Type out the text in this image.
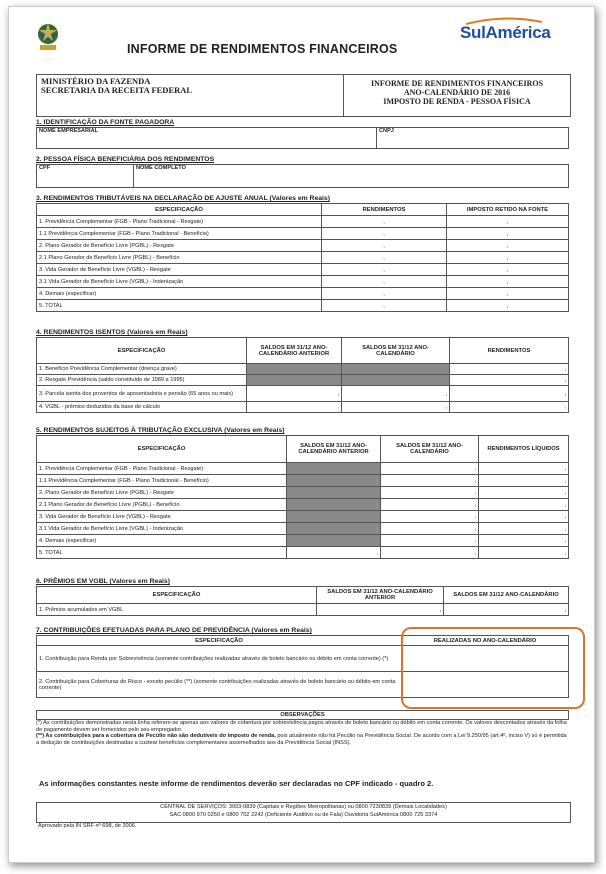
INFORME DE RENDIMENTOS FINANCEIROS
SulAmérica
MINISTÉRIO DA FAZENDA
SECRETARIA DA RECEITA FEDERAL
INFORME DE RENDIMENTOS FINANCEIROS
ANO-CALENDÁRIO DE 2016
IMPOSTO DE RENDA - PESSOA FÍSICA
1. IDENTIFICAÇÃO DA FONTE PAGADORA
NOME EMPRESARIAL	CNPJ
2. PESSOA FÍSICA BENEFICIÁRIA DOS RENDIMENTOS
CPF	NOME COMPLETO
3. RENDIMENTOS TRIBUTÁVEIS NA DECLARAÇÃO DE AJUSTE ANUAL (Valores em Reais)
ESPECIFICAÇÃO	RENDIMENTOS	IMPOSTO RETIDO NA FONTE
1. Previdência Complementar (FGB - Plano Tradicional - Resgate)	,	,
1.1 Previdência Complementar (FGB - Plano Tradicional - Benefício)	,	,
2. Plano Gerador de Benefício Livre (PGBL) - Resgate	,	,
2.1 Plano Gerador de Benefício Livre (PGBL) - Benefício	,	,
3. Vida Gerador de Benefício Livre (VGBL) - Resgate	,	,
3.1 Vida Gerador de Benefício Livre (VGBL) - Indenização	,	,
4. Demais (especificar)	,	,
5. TOTAL	,	,
4. RENDIMENTOS ISENTOS (Valores em Reais)
ESPECIFICAÇÃO	SALDOS EM 31/12 ANO-CALENDÁRIO ANTERIOR	SALDOS EM 31/12 ANO-CALENDÁRIO	RENDIMENTOS
1. Benefício Previdência Complementar (doença grave)			,
2. Resgate Previdência (saldo constituído de 1989 a 1995)			,
3. Parcela isenta dos proventos de aposentadoria e pensão (65 anos ou mais)	,	,	,
4. VGBL - prêmios deduzidos da base de cálculo	,	,	,
5. RENDIMENTOS SUJEITOS À TRIBUTAÇÃO EXCLUSIVA (Valores em Reais)
ESPECIFICAÇÃO	SALDOS EM 31/12 ANO-CALENDÁRIO ANTERIOR	SALDOS EM 31/12 ANO-CALENDÁRIO	RENDIMENTOS LÍQUIDOS
1. Previdência Complementar (FGB - Plano Tradicional - Resgate)		,	,
1.1 Previdência Complementar (FGB - Plano Tradicional - Benefício)		,	,
2. Plano Gerador de Benefício Livre (PGBL) - Resgate		,	,
2.1 Plano Gerador de Benefício Livre (PGBL) - Benefício		,	,
3. Vida Gerador de Benefício Livre (VGBL) - Resgate		,	,
3.1 Vida Gerador de Benefício Livre (VGBL) - Indenização		,	,
4. Demais (especificar)		,	,
5. TOTAL	,	,	,
6. PRÊMIOS EM VGBL (Valores em Reais)
ESPECIFICAÇÃO	SALDOS EM 31/12 ANO-CALENDÁRIO ANTERIOR	SALDOS EM 31/12 ANO-CALENDÁRIO
1. Prêmios acumulados em VGBL	,	,
7. CONTRIBUIÇÕES EFETUADAS PARA PLANO DE PREVIDÊNCIA (Valores em Reais)
ESPECIFICAÇÃO	REALIZADAS NO ANO-CALENDÁRIO
1. Contribuição para Renda por Sobrevivência (somente contribuições realizadas através de boleto bancário ou débito em conta corrente) (*)	
2. Contribuição para Coberturas de Risco - exceto pecúlio (**) (somente contribuições realizadas através de boleto bancário ou débito em conta corrente)	
OBSERVAÇÕES
(*) As contribuições demonstradas nesta linha referem-se apenas aos valores de cobertura por sobrevivência pagos através de boleto bancário ou débito em conta corrente. Os valores descontados através da folha de pagamento devem ser fornecidos pelo seu empregador.
(**) As contribuições para a cobertura de Pecúlio não são dedutíveis do imposto de renda, pois atualmente não há Pecúlio na Previdência Social. De acordo com a Lei 9.250/95 (art.4º, inciso V) só é permitida a dedução de contribuições destinadas a custear benefícios complementares assemelhados aos da Previdência Social (INSS).
As informações constantes neste informe de rendimentos deverão ser declaradas no CPF indicado - quadro 2.
CENTRAL DE SERVIÇOS: 3003-0839 (Capitais e Regiões Metropolitanas) ou 0800 7230839 (Demais Localidades)
SAC 0800 970 0250 e 0800 702 2242 (Deficiente Auditivo ou de Fala) Ouvidoria SulAmérica 0800 725 3374
Aprovado pela IN SRF nº 698, de 2006.
